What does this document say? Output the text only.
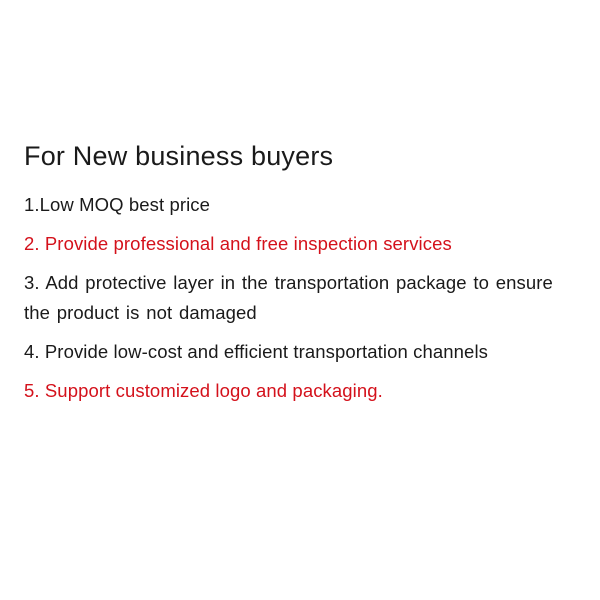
For New business buyers

1.Low MOQ best price

2. Provide professional and free inspection services

3. Add protective layer in the transportation package to ensure the product is not damaged

4. Provide low-cost and efficient transportation channels

5. Support customized logo and packaging.
